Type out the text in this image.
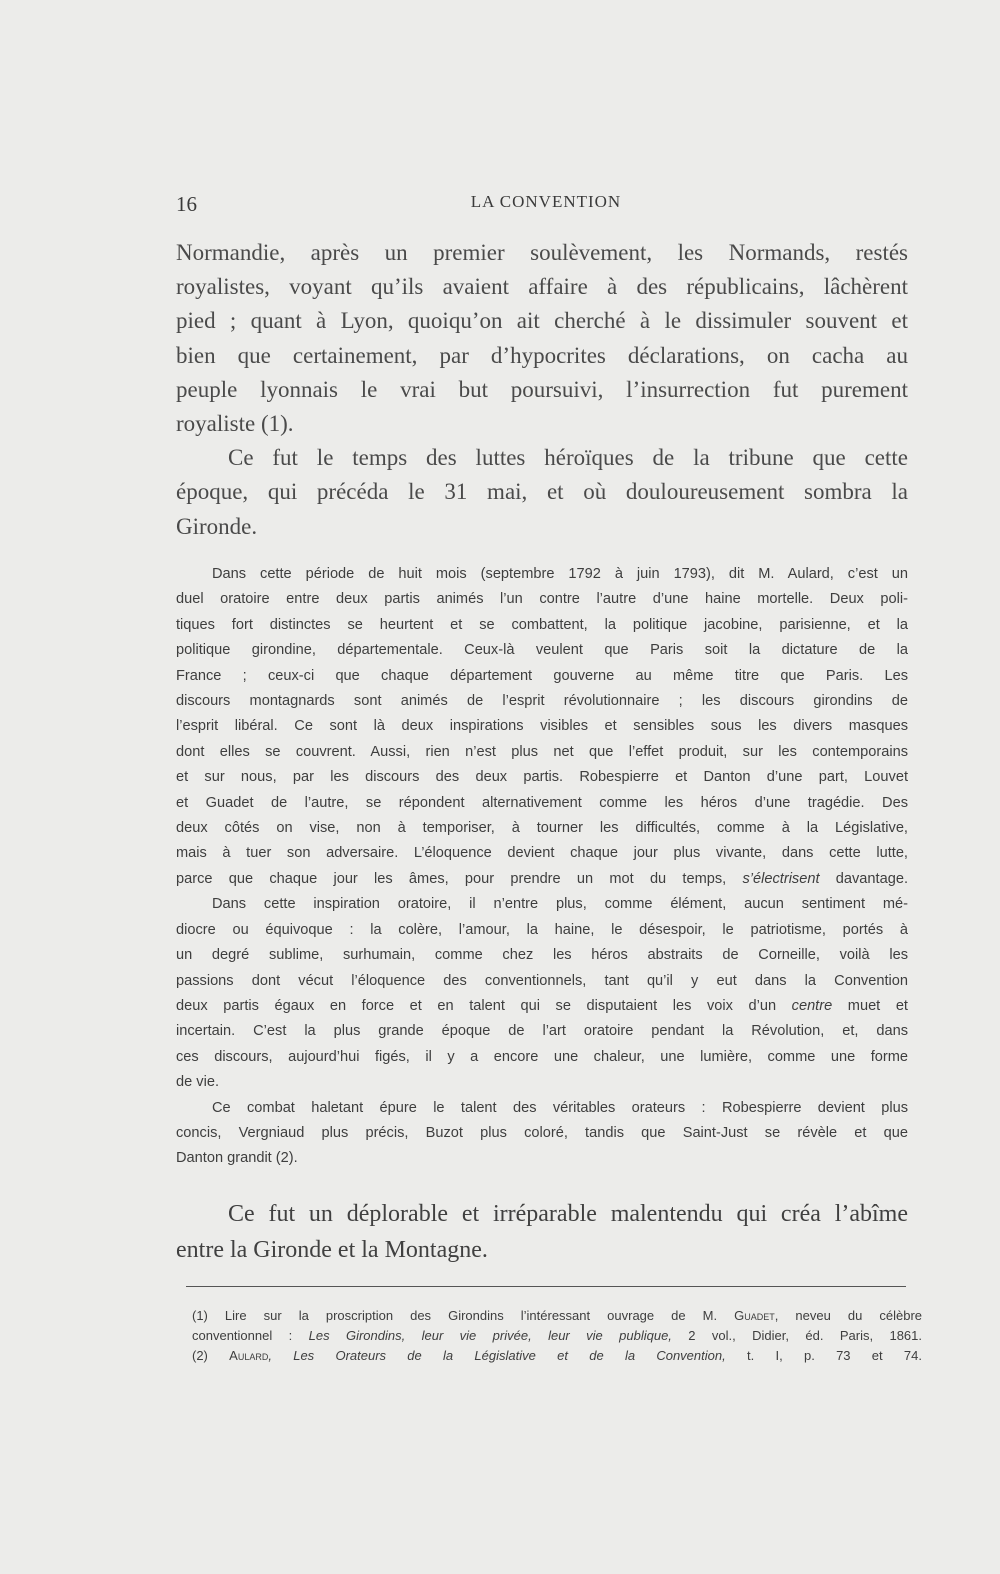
16	LA CONVENTION
Normandie, après un premier soulèvement, les Normands, restés
royalistes, voyant qu’ils avaient affaire à des républicains, lâchèrent
pied ; quant à Lyon, quoiqu’on ait cherché à le dissimuler souvent et
bien que certainement, par d’hypocrites déclarations, on cacha au
peuple lyonnais le vrai but poursuivi, l’insurrection fut purement
royaliste (1).
Ce fut le temps des luttes héroïques de la tribune que cette
époque, qui précéda le 31 mai, et où douloureusement sombra la
Gironde.
Dans cette période de huit mois (septembre 1792 à juin 1793), dit M. Aulard, c’est un
duel oratoire entre deux partis animés l’un contre l’autre d’une haine mortelle. Deux poli-
tiques fort distinctes se heurtent et se combattent, la politique jacobine, parisienne, et la
politique girondine, départementale. Ceux-là veulent que Paris soit la dictature de la
France ; ceux-ci que chaque département gouverne au même titre que Paris. Les
discours montagnards sont animés de l’esprit révolutionnaire ; les discours girondins de
l’esprit libéral. Ce sont là deux inspirations visibles et sensibles sous les divers masques
dont elles se couvrent. Aussi, rien n’est plus net que l’effet produit, sur les contemporains
et sur nous, par les discours des deux partis. Robespierre et Danton d’une part, Louvet
et Guadet de l’autre, se répondent alternativement comme les héros d’une tragédie. Des
deux côtés on vise, non à temporiser, à tourner les difficultés, comme à la Législative,
mais à tuer son adversaire. L’éloquence devient chaque jour plus vivante, dans cette lutte,
parce que chaque jour les âmes, pour prendre un mot du temps, s’électrisent davantage.
Dans cette inspiration oratoire, il n’entre plus, comme élément, aucun sentiment mé-
diocre ou équivoque : la colère, l’amour, la haine, le désespoir, le patriotisme, portés à
un degré sublime, surhumain, comme chez les héros abstraits de Corneille, voilà les
passions dont vécut l’éloquence des conventionnels, tant qu’il y eut dans la Convention
deux partis égaux en force et en talent qui se disputaient les voix d’un centre muet et
incertain. C’est la plus grande époque de l’art oratoire pendant la Révolution, et, dans
ces discours, aujourd’hui figés, il y a encore une chaleur, une lumière, comme une forme
de vie.
Ce combat haletant épure le talent des véritables orateurs : Robespierre devient plus
concis, Vergniaud plus précis, Buzot plus coloré, tandis que Saint-Just se révèle et que
Danton grandit (2).
Ce fut un déplorable et irréparable malentendu qui créa l’abîme
entre la Gironde et la Montagne.
(1) Lire sur la proscription des Girondins l’intéressant ouvrage de M. Guadet, neveu du célèbre
conventionnel : Les Girondins, leur vie privée, leur vie publique, 2 vol., Didier, éd. Paris, 1861.
(2) Aulard, Les Orateurs de la Législative et de la Convention, t. I, p. 73 et 74.
